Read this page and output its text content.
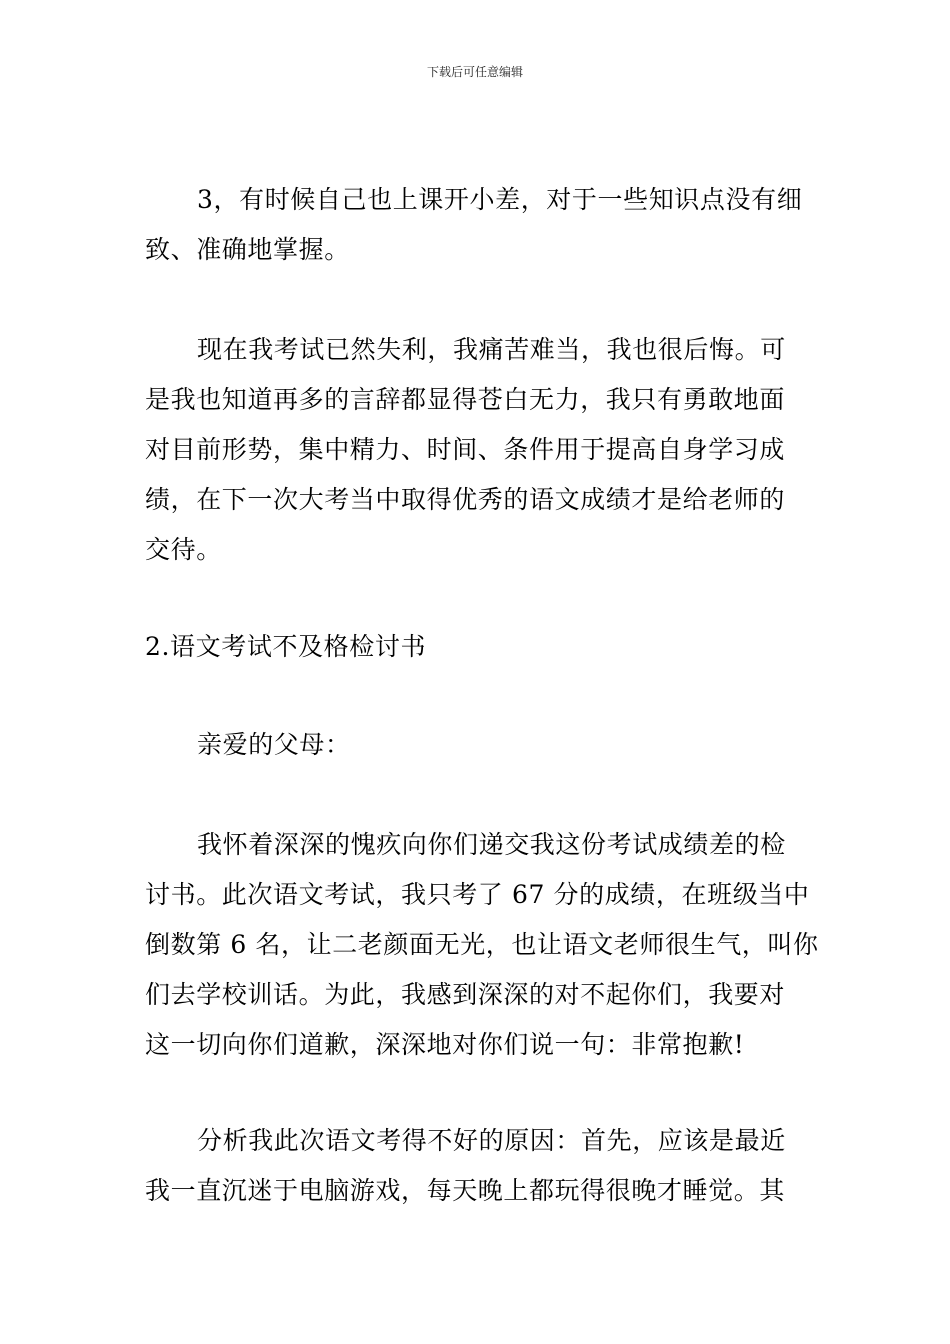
下载后可任意编辑
3，有时候自己也上课开小差，对于一些知识点没有细
致、准确地掌握。
现在我考试已然失利，我痛苦难当，我也很后悔。可
是我也知道再多的言辞都显得苍白无力，我只有勇敢地面
对目前形势，集中精力、时间、条件用于提高自身学习成
绩，在下一次大考当中取得优秀的语文成绩才是给老师的
交待。
2.语文考试不及格检讨书
亲爱的父母：
我怀着深深的愧疚向你们递交我这份考试成绩差的检
讨书。此次语文考试，我只考了 67 分的成绩，在班级当中
倒数第 6 名，让二老颜面无光，也让语文老师很生气，叫你
们去学校训话。为此，我感到深深的对不起你们，我要对
这一切向你们道歉，深深地对你们说一句：非常抱歉!
分析我此次语文考得不好的原因：首先，应该是最近
我一直沉迷于电脑游戏，每天晚上都玩得很晚才睡觉。其
